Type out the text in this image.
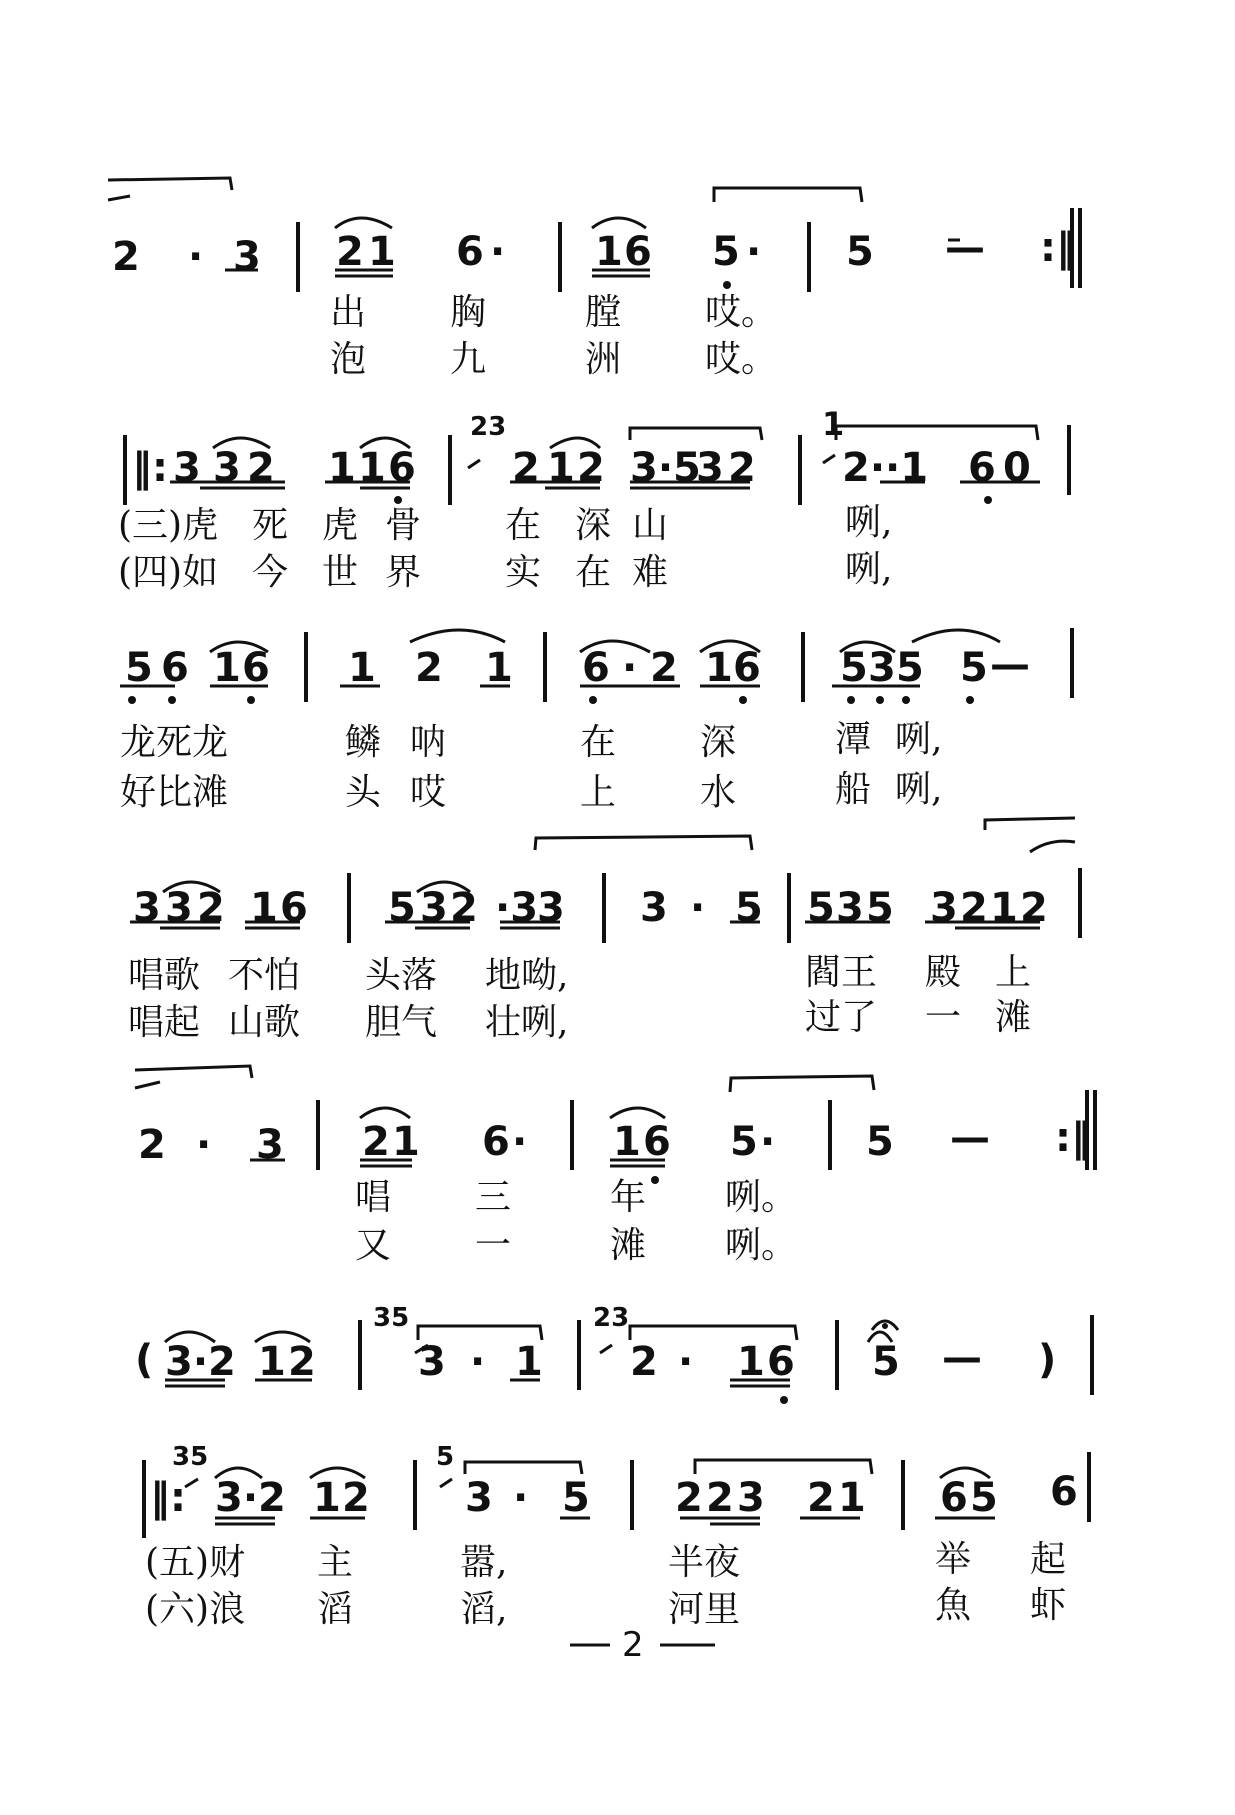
2 · 3 2 1 6 · 1 6 5 · 5 — :‖
出 胸	膛 哎。
泡 九	洲 哎。
23	1
‖: 3 3 2 1 1 6 2 1 2 3·5
3 2 2··1 6 0
(三)虎 死 虎 骨 在 深 山	咧,
(四)如 今 世 界 实 在 难	咧,
5 6 1 6 1 2 1 6 · 2 1 6 5 3 5 5 —
龙死龙	鳞 呐	在 深	潭 咧,
好比滩	头 哎	上 水	船 咧,
3 3 2 1 6 5 3 2 ·3
3 3 · 5 5 3 5 3 2 1 2
唱歌 不怕 头落 地呦,	閻王 殿 上
唱起 山歌 胆气 壮咧,	过了 一 滩
2 · 3 2 1 6 · 1 6 5 · 5 — :‖
唱 三	年 咧。
又 一	滩 咧。
35	23
( 3·2 1 2	3 · 1 2 · 1 6 5 — )
35	5
‖: 3·2 1 2 3 · 5 2 2 3 2 1 6 5 6
(五)财 主	嚣,	半夜	举 起
(六)浪 滔	滔,	河里	魚 虾
2
